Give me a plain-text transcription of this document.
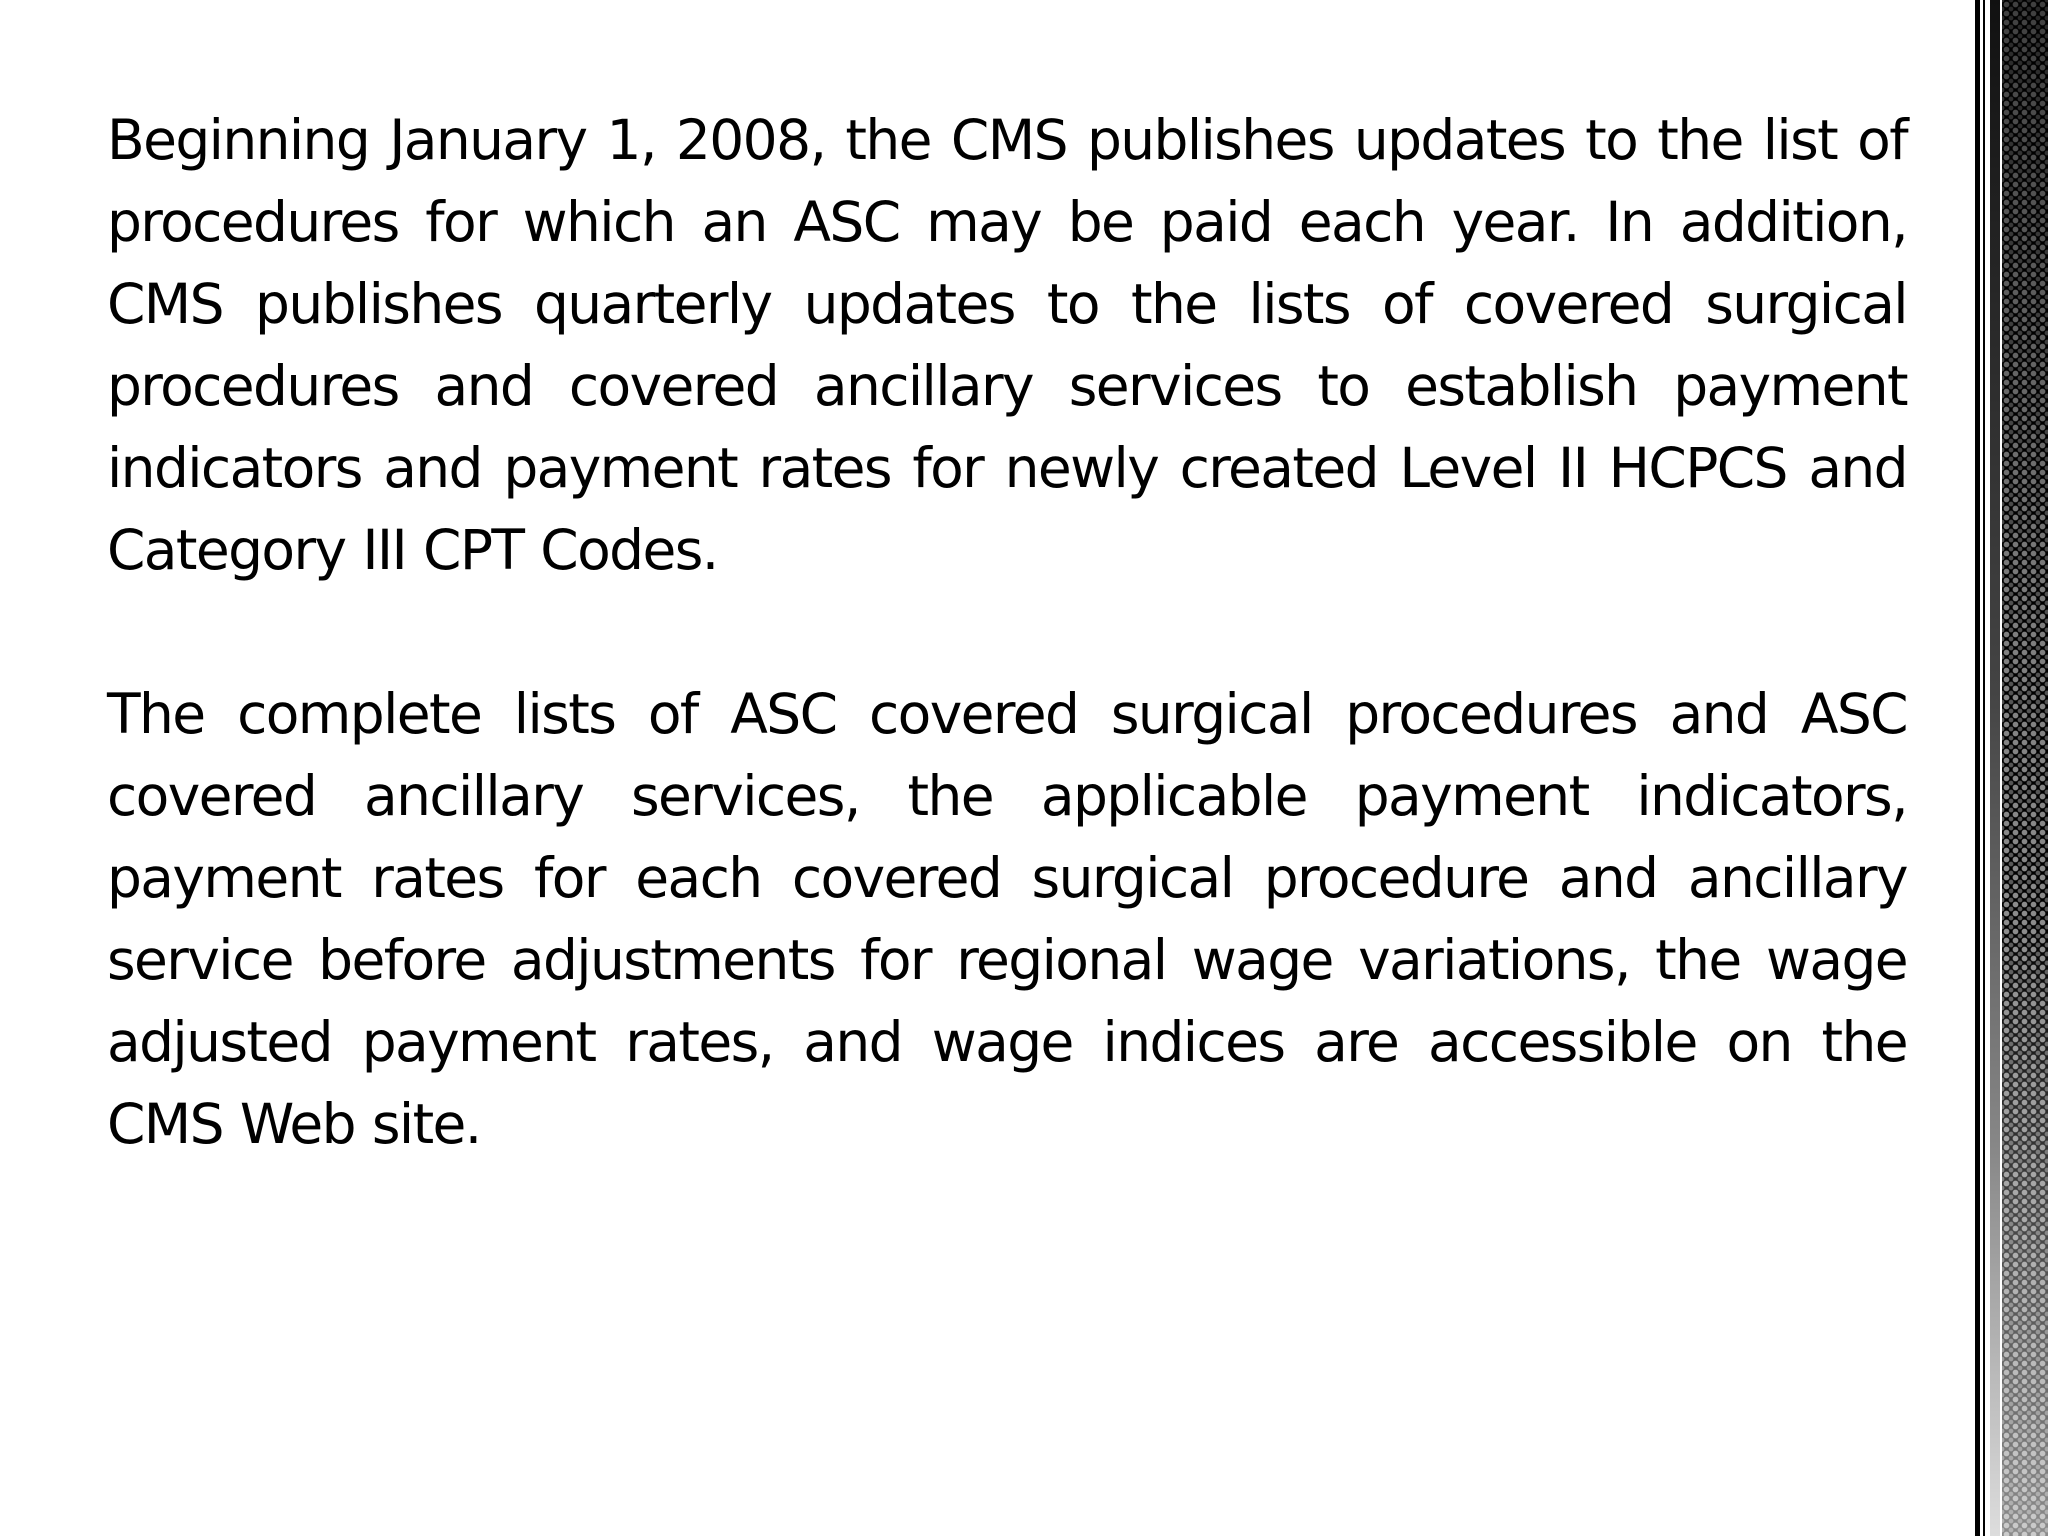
Beginning January 1, 2008, the CMS publishes updates to the list of procedures for which an ASC may be paid each year. In addition, CMS publishes quarterly updates to the lists of covered surgical procedures and covered ancillary services to establish payment indicators and payment rates for newly created Level II HCPCS and Category III CPT Codes.

The complete lists of ASC covered surgical procedures and ASC covered ancillary services, the applicable payment indicators, payment rates for each covered surgical procedure and ancillary service before adjustments for regional wage variations, the wage adjusted payment rates, and wage indices are accessible on the CMS Web site.
